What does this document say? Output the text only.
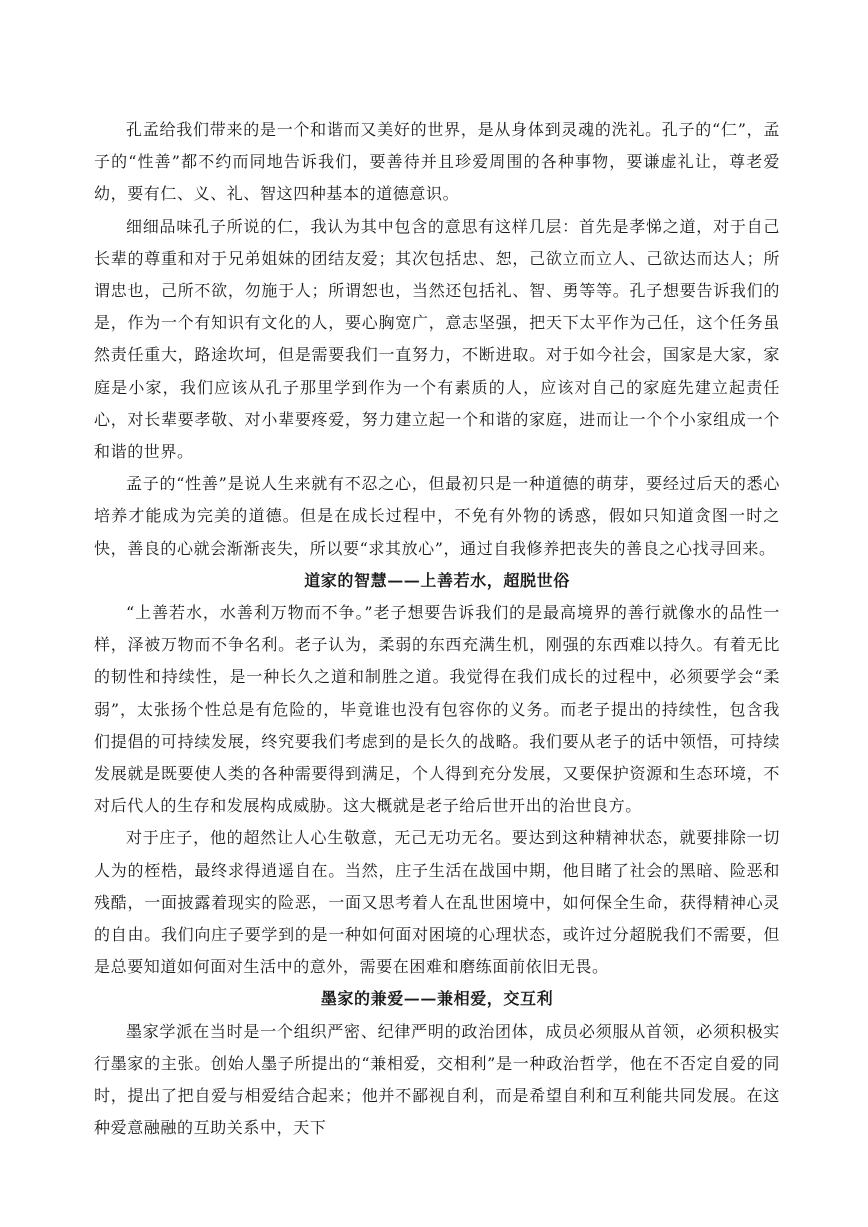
孔孟给我们带来的是一个和谐而又美好的世界，是从身体到灵魂的洗礼。孔子的“仁”，孟子的“性善”都不约而同地告诉我们，要善待并且珍爱周围的各种事物，要谦虚礼让，尊老爱幼，要有仁、义、礼、智这四种基本的道德意识。

细细品味孔子所说的仁，我认为其中包含的意思有这样几层：首先是孝悌之道，对于自己长辈的尊重和对于兄弟姐妹的团结友爱；其次包括忠、恕，己欲立而立人、己欲达而达人；所谓忠也，己所不欲，勿施于人；所谓恕也，当然还包括礼、智、勇等等。孔子想要告诉我们的是，作为一个有知识有文化的人，要心胸宽广，意志坚强，把天下太平作为己任，这个任务虽然责任重大，路途坎坷，但是需要我们一直努力，不断进取。对于如今社会，国家是大家，家庭是小家，我们应该从孔子那里学到作为一个有素质的人，应该对自己的家庭先建立起责任心，对长辈要孝敬、对小辈要疼爱，努力建立起一个和谐的家庭，进而让一个个小家组成一个和谐的世界。

孟子的“性善”是说人生来就有不忍之心，但最初只是一种道德的萌芽，要经过后天的悉心培养才能成为完美的道德。但是在成长过程中，不免有外物的诱惑，假如只知道贪图一时之快，善良的心就会渐渐丧失，所以要“求其放心”，通过自我修养把丧失的善良之心找寻回来。

道家的智慧——上善若水，超脱世俗

“上善若水，水善利万物而不争。”老子想要告诉我们的是最高境界的善行就像水的品性一样，泽被万物而不争名利。老子认为，柔弱的东西充满生机，刚强的东西难以持久。有着无比的韧性和持续性，是一种长久之道和制胜之道。我觉得在我们成长的过程中，必须要学会“柔弱”，太张扬个性总是有危险的，毕竟谁也没有包容你的义务。而老子提出的持续性，包含我们提倡的可持续发展，终究要我们考虑到的是长久的战略。我们要从老子的话中领悟，可持续发展就是既要使人类的各种需要得到满足，个人得到充分发展，又要保护资源和生态环境，不对后代人的生存和发展构成威胁。这大概就是老子给后世开出的治世良方。

对于庄子，他的超然让人心生敬意，无己无功无名。要达到这种精神状态，就要排除一切人为的桎梏，最终求得逍遥自在。当然，庄子生活在战国中期，他目睹了社会的黑暗、险恶和残酷，一面披露着现实的险恶，一面又思考着人在乱世困境中，如何保全生命，获得精神心灵的自由。我们向庄子要学到的是一种如何面对困境的心理状态，或许过分超脱我们不需要，但是总要知道如何面对生活中的意外，需要在困难和磨练面前依旧无畏。

墨家的兼爱——兼相爱，交互利

墨家学派在当时是一个组织严密、纪律严明的政治团体，成员必须服从首领，必须积极实行墨家的主张。创始人墨子所提出的“兼相爱，交相利”是一种政治哲学，他在不否定自爱的同时，提出了把自爱与相爱结合起来；他并不鄙视自利，而是希望自利和互利能共同发展。在这种爱意融融的互助关系中，天下
